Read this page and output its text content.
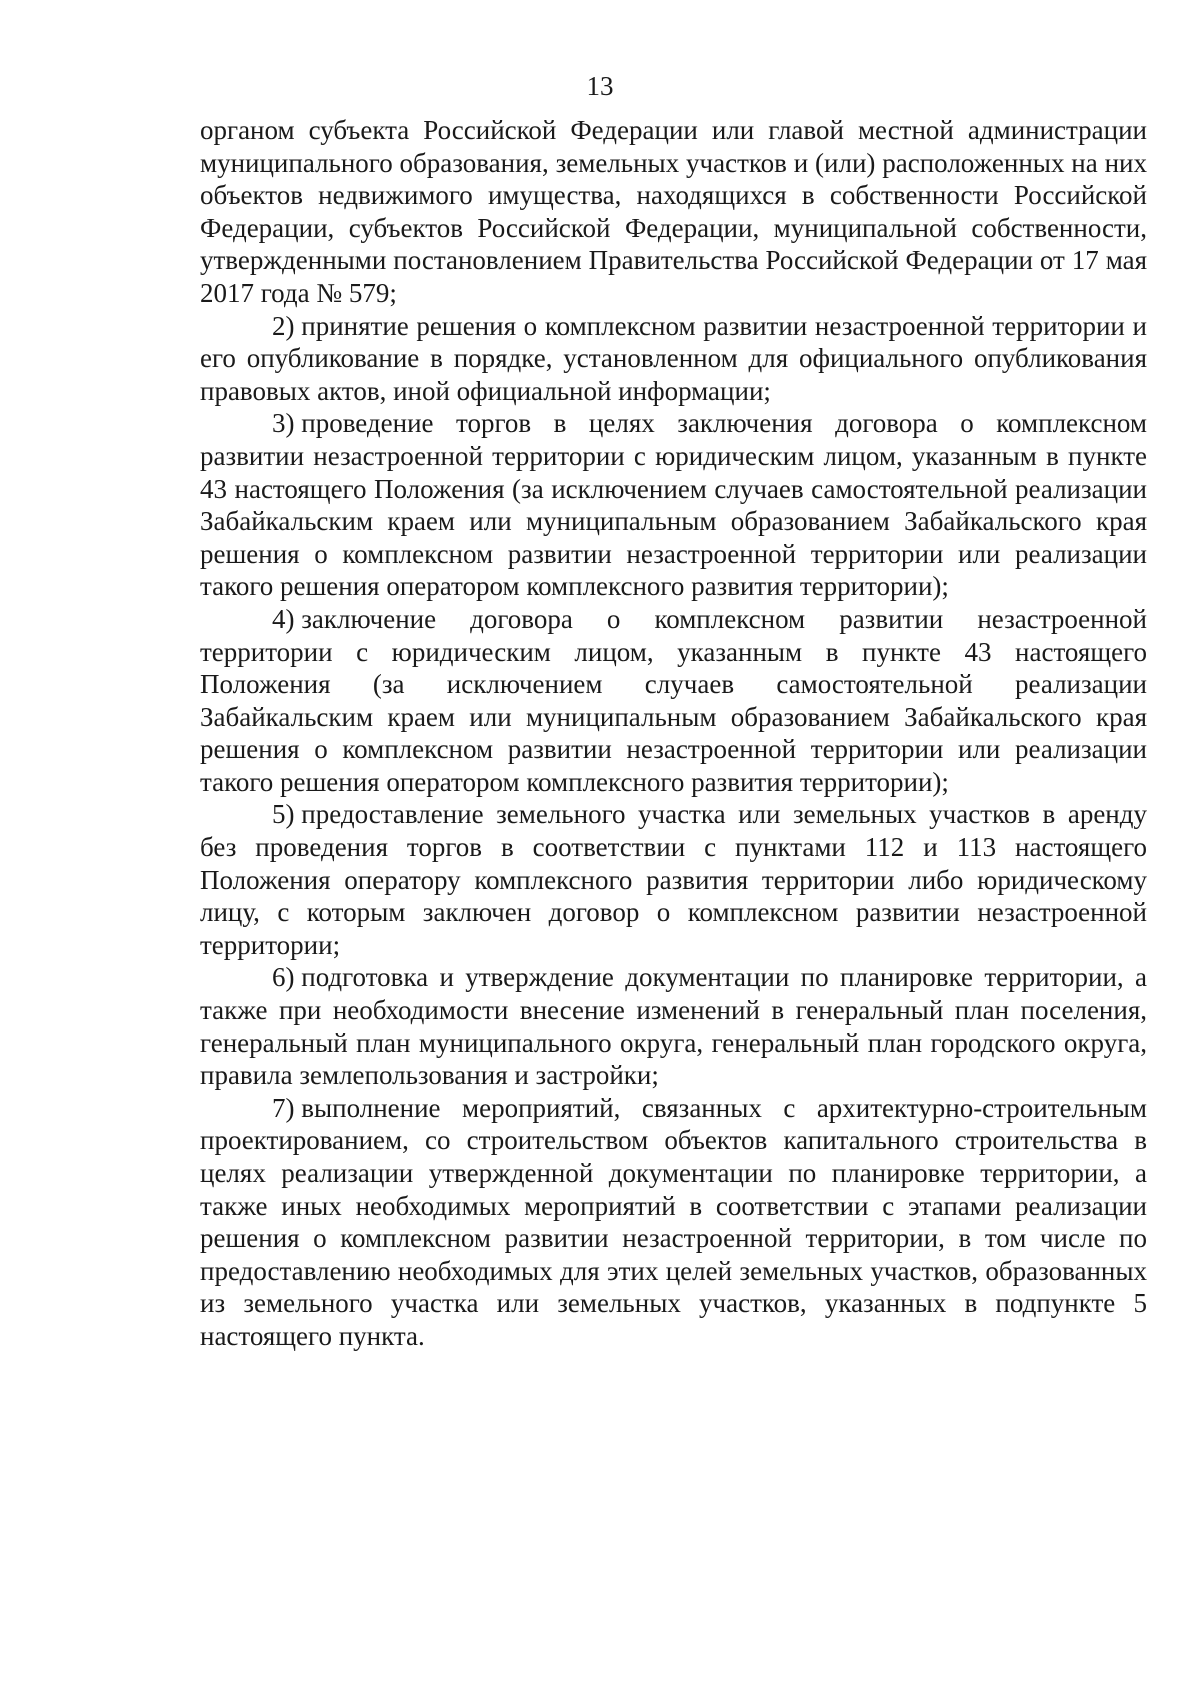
13

органом субъекта Российской Федерации или главой местной администрации муниципального образования, земельных участков и (или) расположенных на них объектов недвижимого имущества, находящихся в собственности Российской Федерации, субъектов Российской Федерации, муниципальной собственности, утвержденными постановлением Правительства Российской Федерации от 17 мая 2017 года № 579;

2) принятие решения о комплексном развитии незастроенной территории и его опубликование в порядке, установленном для официального опубликования правовых актов, иной официальной информации;

3) проведение торгов в целях заключения договора о комплексном развитии незастроенной территории с юридическим лицом, указанным в пункте 43 настоящего Положения (за исключением случаев самостоятельной реализации Забайкальским краем или муниципальным образованием Забайкальского края решения о комплексном развитии незастроенной территории или реализации такого решения оператором комплексного развития территории);

4) заключение договора о комплексном развитии незастроенной территории с юридическим лицом, указанным в пункте 43 настоящего Положения (за исключением случаев самостоятельной реализации Забайкальским краем или муниципальным образованием Забайкальского края решения о комплексном развитии незастроенной территории или реализации такого решения оператором комплексного развития территории);

5) предоставление земельного участка или земельных участков в аренду без проведения торгов в соответствии с пунктами 112 и 113 настоящего Положения оператору комплексного развития территории либо юридическому лицу, с которым заключен договор о комплексном развитии незастроенной территории;

6) подготовка и утверждение документации по планировке территории, а также при необходимости внесение изменений в генеральный план поселения, генеральный план муниципального округа, генеральный план городского округа, правила землепользования и застройки;

7) выполнение мероприятий, связанных с архитектурно-строительным проектированием, со строительством объектов капитального строительства в целях реализации утвержденной документации по планировке территории, а также иных необходимых мероприятий в соответствии с этапами реализации решения о комплексном развитии незастроенной территории, в том числе по предоставлению необходимых для этих целей земельных участков, образованных из земельного участка или земельных участков, указанных в подпункте 5 настоящего пункта.
